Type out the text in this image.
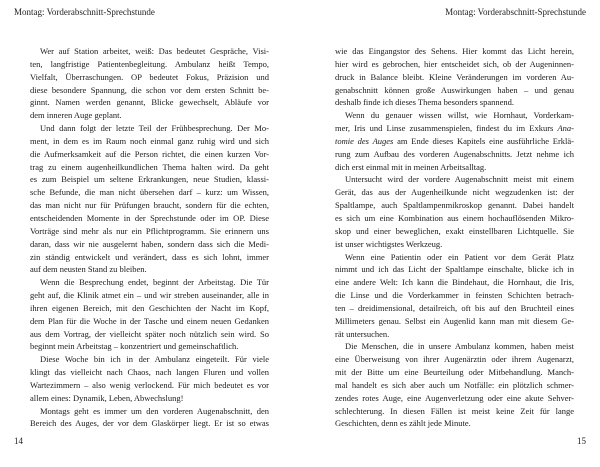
Montag: Vorderabschnitt-Sprechstunde
Wer auf Station arbeitet, weiß: Das bedeutet Gespräche, Visi-
ten, langfristige Patientenbegleitung. Ambulanz heißt Tempo,
Vielfalt, Überraschungen. OP bedeutet Fokus, Präzision und
diese besondere Spannung, die schon vor dem ersten Schnitt be-
ginnt. Namen werden genannt, Blicke gewechselt, Abläufe vor
dem inneren Auge geplant.
Und dann folgt der letzte Teil der Frühbesprechung. Der Mo-
ment, in dem es im Raum noch einmal ganz ruhig wird und sich
die Aufmerksamkeit auf die Person richtet, die einen kurzen Vor-
trag zu einem augenheilkundlichen Thema halten wird. Da geht
es zum Beispiel um seltene Erkrankungen, neue Studien, klassi-
sche Befunde, die man nicht übersehen darf – kurz: um Wissen,
das man nicht nur für Prüfungen braucht, sondern für die echten,
entscheidenden Momente in der Sprechstunde oder im OP. Diese
Vorträge sind mehr als nur ein Pflichtprogramm. Sie erinnern uns
daran, dass wir nie ausgelernt haben, sondern dass sich die Medi-
zin ständig entwickelt und verändert, dass es sich lohnt, immer
auf dem neusten Stand zu bleiben.
Wenn die Besprechung endet, beginnt der Arbeitstag. Die Tür
geht auf, die Klinik atmet ein – und wir streben auseinander, alle in
ihren eigenen Bereich, mit den Geschichten der Nacht im Kopf,
dem Plan für die Woche in der Tasche und einem neuen Gedanken
aus dem Vortrag, der vielleicht später noch nützlich sein wird. So
beginnt mein Arbeitstag – konzentriert und gemeinschaftlich.
Diese Woche bin ich in der Ambulanz eingeteilt. Für viele
klingt das vielleicht nach Chaos, nach langen Fluren und vollen
Wartezimmern – also wenig verlockend. Für mich bedeutet es vor
allem eines: Dynamik, Leben, Abwechslung!
Montags geht es immer um den vorderen Augenabschnitt, den
Bereich des Auges, der vor dem Glaskörper liegt. Er ist so etwas
14
Montag: Vorderabschnitt-Sprechstunde
wie das Eingangstor des Sehens. Hier kommt das Licht herein,
hier wird es gebrochen, hier entscheidet sich, ob der Augeninnen-
druck in Balance bleibt. Kleine Veränderungen im vorderen Au-
genabschnitt können große Auswirkungen haben – und genau
deshalb finde ich dieses Thema besonders spannend.
Wenn du genauer wissen willst, wie Hornhaut, Vorderkam-
mer, Iris und Linse zusammenspielen, findest du im Exkurs Ana-
tomie des Auges am Ende dieses Kapitels eine ausführliche Erklä-
rung zum Aufbau des vorderen Augenabschnitts. Jetzt nehme ich
dich erst einmal mit in meinen Arbeitsalltag.
Untersucht wird der vordere Augenabschnitt meist mit einem
Gerät, das aus der Augenheilkunde nicht wegzudenken ist: der
Spaltlampe, auch Spaltlampenmikroskop genannt. Dabei handelt
es sich um eine Kombination aus einem hochauflösenden Mikro-
skop und einer beweglichen, exakt einstellbaren Lichtquelle. Sie
ist unser wichtigstes Werkzeug.
Wenn eine Patientin oder ein Patient vor dem Gerät Platz
nimmt und ich das Licht der Spaltlampe einschalte, blicke ich in
eine andere Welt: Ich kann die Bindehaut, die Hornhaut, die Iris,
die Linse und die Vorderkammer in feinsten Schichten betrach-
ten – dreidimensional, detailreich, oft bis auf den Bruchteil eines
Millimeters genau. Selbst ein Augenlid kann man mit diesem Ge-
rät untersuchen.
Die Menschen, die in unsere Ambulanz kommen, haben meist
eine Überweisung von ihrer Augenärztin oder ihrem Augenarzt,
mit der Bitte um eine Beurteilung oder Mitbehandlung. Manch-
mal handelt es sich aber auch um Notfälle: ein plötzlich schmer-
zendes rotes Auge, eine Augenverletzung oder eine akute Sehver-
schlechterung. In diesen Fällen ist meist keine Zeit für lange
Geschichten, denn es zählt jede Minute.
15
